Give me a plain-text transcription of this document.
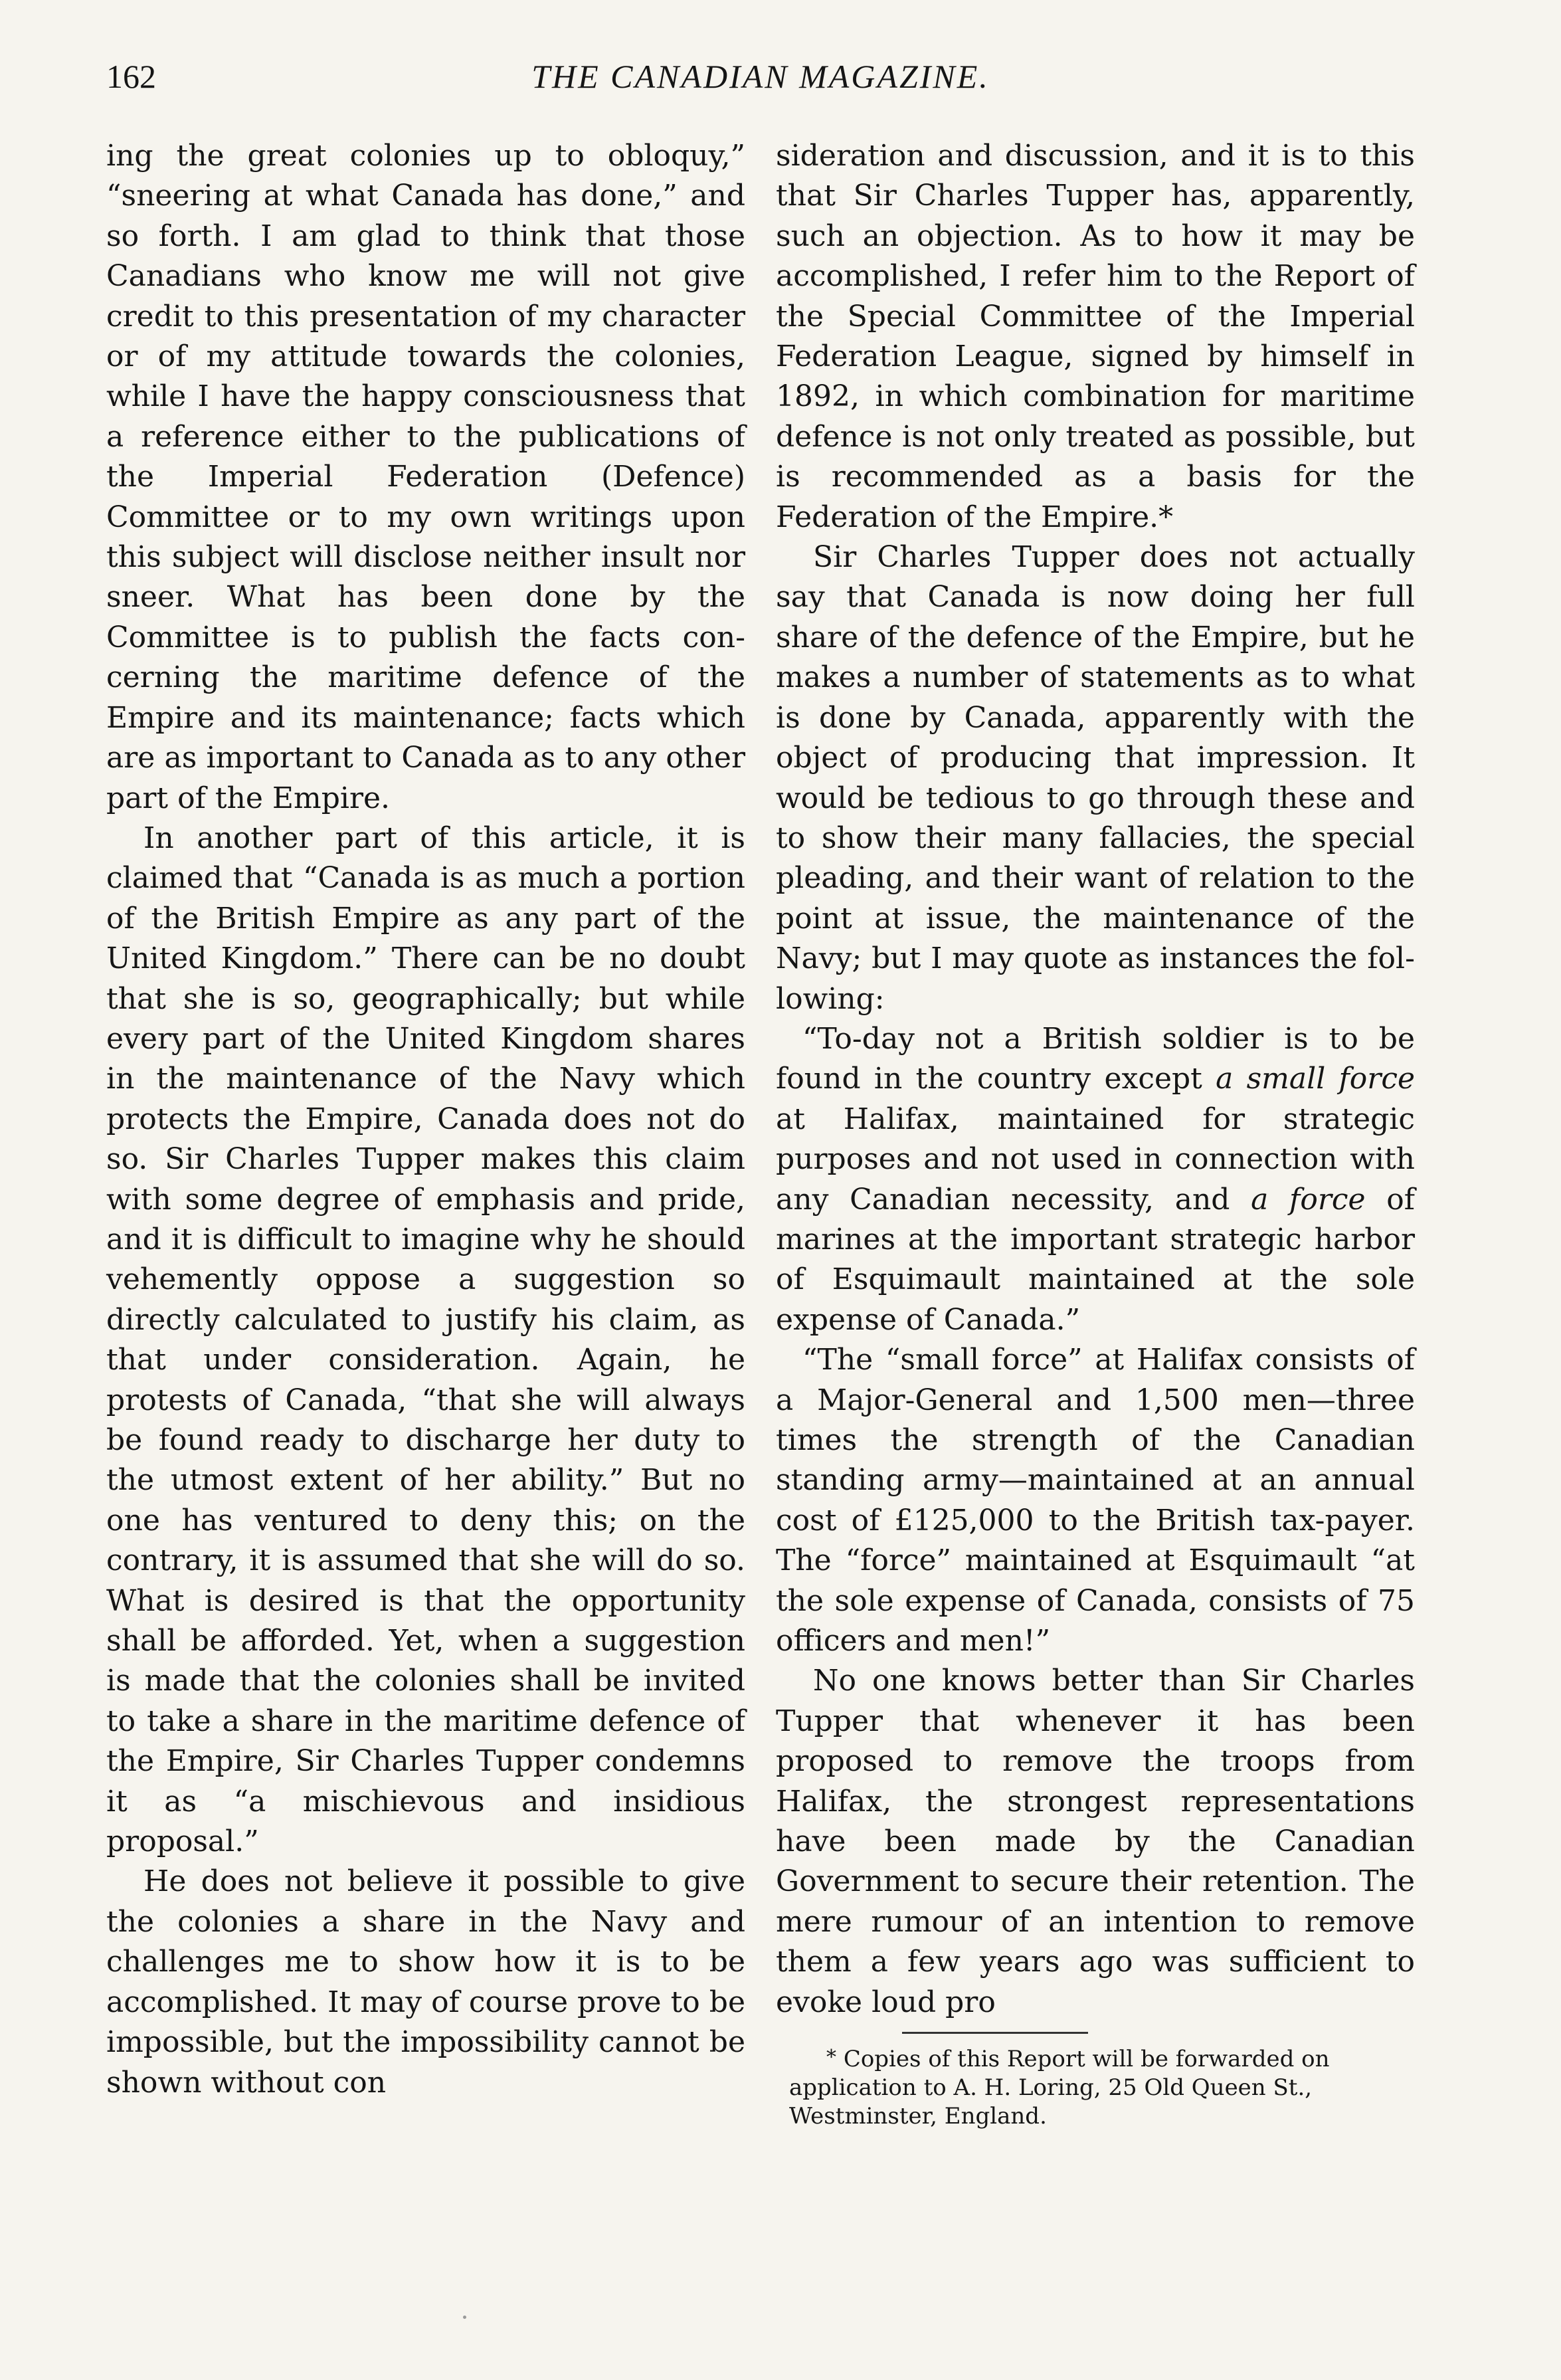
162	THE CANADIAN MAGAZINE.

ing the great colonies up to obloquy,” “sneering at what Canada has done,” and so forth. I am glad to think that those Canadians who know me will not give credit to this presentation of my character or of my attitude towards the colonies, while I have the happy consciousness that a reference either to the publications of the Imperial Federation (Defence) Committee or to my own writings upon this subject will disclose neither insult nor sneer. What has been done by the Committee is to publish the facts concerning the maritime defence of the Empire and its maintenance; facts which are as important to Canada as to any other part of the Empire.

In another part of this article, it is claimed that “Canada is as much a portion of the British Empire as any part of the United Kingdom.” There can be no doubt that she is so, geographically; but while every part of the United Kingdom shares in the maintenance of the Navy which protects the Empire, Canada does not do so. Sir Charles Tupper makes this claim with some degree of emphasis and pride, and it is difficult to imagine why he should vehemently oppose a suggestion so directly calculated to justify his claim, as that under consideration. Again, he protests of Canada, “that she will always be found ready to discharge her duty to the utmost extent of her ability.” But no one has ventured to deny this; on the contrary, it is assumed that she will do so. What is desired is that the opportunity shall be afforded. Yet, when a suggestion is made that the colonies shall be invited to take a share in the maritime defence of the Empire, Sir Charles Tupper condemns it as “a mischievous and insidious proposal.”

He does not believe it possible to give the colonies a share in the Navy and challenges me to show how it is to be accomplished. It may of course prove to be impossible, but the impossibility cannot be shown without con

sideration and discussion, and it is to this that Sir Charles Tupper has, apparently, such an objection. As to how it may be accomplished, I refer him to the Report of the Special Committee of the Imperial Federation League, signed by himself in 1892, in which combination for maritime defence is not only treated as possible, but is recommended as a basis for the Federation of the Empire.*

Sir Charles Tupper does not actually say that Canada is now doing her full share of the defence of the Empire, but he makes a number of statements as to what is done by Canada, apparently with the object of producing that impression. It would be tedious to go through these and to show their many fallacies, the special pleading, and their want of relation to the point at issue, the maintenance of the Navy; but I may quote as instances the following:

“To-day not a British soldier is to be found in the country except a small force at Halifax, maintained for strategic purposes and not used in connection with any Canadian necessity, and a force of marines at the important strategic harbor of Esquimault maintained at the sole expense of Canada.”

“The “small force” at Halifax consists of a Major-General and 1,500 men—three times the strength of the Canadian standing army—maintained at an annual cost of £125,000 to the British tax-payer. The “force” maintained at Esquimault “at the sole expense of Canada, consists of 75 officers and men!”

No one knows better than Sir Charles Tupper that whenever it has been proposed to remove the troops from Halifax, the strongest representations have been made by the Canadian Government to secure their retention. The mere rumour of an intention to remove them a few years ago was sufficient to evoke loud pro

* Copies of this Report will be forwarded on application to A. H. Loring, 25 Old Queen St., Westminster, England.
